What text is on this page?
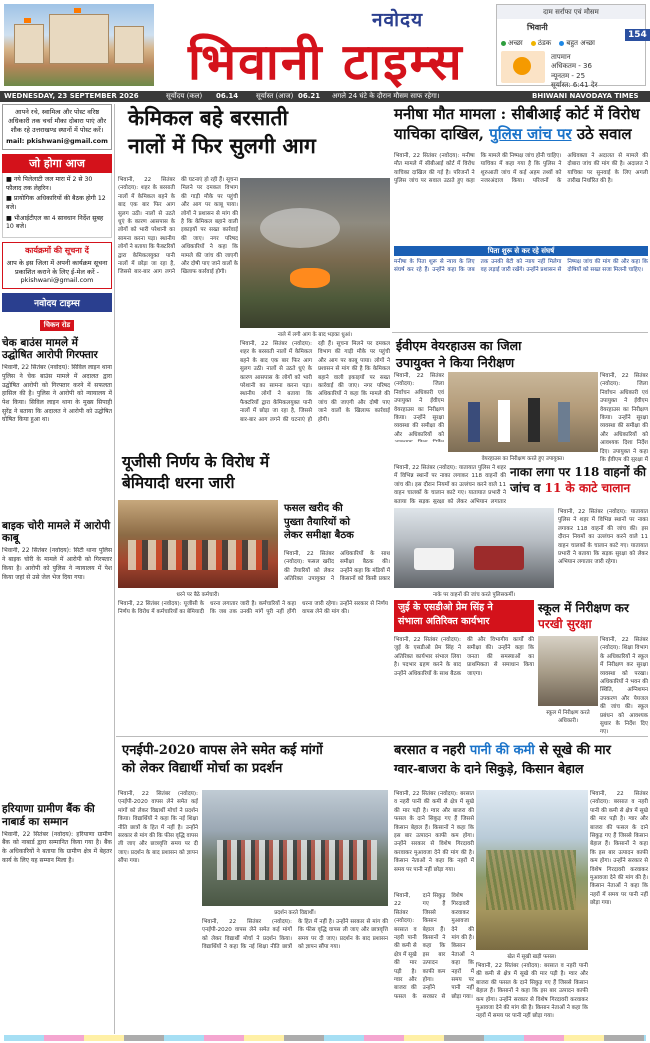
नवोदय
भिवानी टाइम्स
दाम सर्राफा एवं मौसम
भिवानी
154
अच्छा ठंडक बहुत अच्छा
तापमान
अधिकतम - 36
न्यूनतम - 25
सूर्यास्त: 6:41 देर
WEDNESDAY, 23 SEPTEMBER 2026	सूर्योदय (कल) 06.14	सूर्यास्त (आज) 06.21 अगले 24 घंटे के दौरान मौसम साफ रहेगा।	BHIWANI NAVODAYA TIMES
आपने रचे, स्वामित्व और पोस्ट वरिष्ठ अधिकारी तक चर्चा मौका दोबारा पाएं और शौक रहे उत्तराखण्ड स्थानों में पोस्ट करें।
mail: pkishwani@gmail.com
जो होगा आज
■ नये पिलेलाटी जल मारा में 2 से 30 फौलाद तक लेहरिन।
■ प्रायोगिक अधिकारियों की बैठक होगी 12 बजे।
■ भीआईटीएल का 4 सावधान निर्देश सुबह 10 बजे।
कार्यक्रमों की सूचना दें
आप के इस जिला में अपनी कार्यक्रम सूचना प्रकाशित कराने के लिए ई-मेल करें - pkishwani@gmail.com
नवोदय टाइम्स
चिकन रोड
चेक बाउंस मामले में उद्घोषित आरोपी गिरफ्तार
भिवानी, 22 सितंबर (नवोदय): सिविल लाइन थाना पुलिस ने चेक बाउंस मामले में अदालत द्वारा उद्घोषित आरोपी को गिरफ्तार करने में सफलता हासिल की है। पुलिस ने आरोपी को न्यायालय में पेश किया। सिविल लाइन थाना के मुख्य सिपाही सुरेंद्र ने बताया कि अदालत ने आरोपी को उद्घोषित घोषित किया हुआ था।
बाइक चोरी मामले में आरोपी काबू
भिवानी, 22 सितंबर (नवोदय): सिटी थाना पुलिस ने बाइक चोरी के मामले में आरोपी को गिरफ्तार किया है। आरोपी को पुलिस ने न्यायालय में पेश किया जहां से उसे जेल भेज दिया गया।
हरियाणा ग्रामीण बैंक की नाबार्ड का सम्मान
भिवानी, 22 सितंबर (नवोदय): हरियाणा ग्रामीण बैंक को नाबार्ड द्वारा सम्मानित किया गया है। बैंक के अधिकारियों ने बताया कि ग्रामीण क्षेत्र में बेहतर कार्य के लिए यह सम्मान मिला है।
केमिकल बहे बरसाती
नालों में फिर सुलगी आग
भिवानी, 22 सितंबर (नवोदय): शहर के बरसाती नालों में केमिकल बहने के बाद एक बार फिर आग सुलग उठी। नालों से उठते धुएं के कारण आसपास के लोगों को भारी परेशानी का सामना करना पड़ा। स्थानीय लोगों ने बताया कि फैक्टरियों द्वारा केमिकलयुक्त पानी नालों में छोड़ा जा रहा है, जिससे बार-बार आग लगने की घटनाएं हो रही हैं। सूचना मिलने पर दमकल विभाग की गाड़ी मौके पर पहुंची और आग पर काबू पाया। लोगों ने प्रशासन से मांग की है कि केमिकल बहाने वाली इकाइयों पर सख्त कार्रवाई की जाए। नगर परिषद अधिकारियों ने कहा कि मामले की जांच की जाएगी और दोषी पाए जाने वालों के खिलाफ कार्रवाई होगी।
नाले में लगी आग के बाद भड़का धुआं।
भिवानी, 22 सितंबर (नवोदय): शहर के बरसाती नालों में केमिकल बहने के बाद एक बार फिर आग सुलग उठी। नालों से उठते धुएं के कारण आसपास के लोगों को भारी परेशानी का सामना करना पड़ा। स्थानीय लोगों ने बताया कि फैक्टरियों द्वारा केमिकलयुक्त पानी नालों में छोड़ा जा रहा है, जिससे बार-बार आग लगने की घटनाएं हो रही हैं। सूचना मिलने पर दमकल विभाग की गाड़ी मौके पर पहुंची और आग पर काबू पाया। लोगों ने प्रशासन से मांग की है कि केमिकल बहाने वाली इकाइयों पर सख्त कार्रवाई की जाए। नगर परिषद अधिकारियों ने कहा कि मामले की जांच की जाएगी और दोषी पाए जाने वालों के खिलाफ कार्रवाई होगी।
मनीषा मौत मामला : सीबीआई कोर्ट में विरोध
याचिका दाखिल, पुलिस जांच पर उठे सवाल
भिवानी, 22 सितंबर (नवोदय): मनीषा मौत मामले में सीबीआई कोर्ट में विरोध याचिका दाखिल की गई है। परिजनों ने पुलिस जांच पर सवाल उठाते हुए कहा कि मामले की निष्पक्ष जांच होनी चाहिए। याचिका में कहा गया है कि पुलिस ने शुरुआती जांच में कई अहम तथ्यों को नजरअंदाज किया। परिजनों के अधिवक्ता ने अदालत से मामले की दोबारा जांच की मांग की है। अदालत ने याचिका पर सुनवाई के लिए अगली तारीख निर्धारित की है।
पिता शुरू से कर रहे संघर्ष
मनीषा के पिता शुरू से न्याय के लिए संघर्ष कर रहे हैं। उन्होंने कहा कि जब तक उनकी बेटी को न्याय नहीं मिलेगा वह लड़ाई जारी रखेंगे। उन्होंने प्रशासन से निष्पक्ष जांच की मांग की और कहा कि दोषियों को सख्त सजा मिलनी चाहिए।
ईवीएम वेयरहाउस का जिला
उपायुक्त ने किया निरीक्षण
भिवानी, 22 सितंबर (नवोदय): जिला निर्वाचन अधिकारी एवं उपायुक्त ने ईवीएम वेयरहाउस का निरीक्षण किया। उन्होंने सुरक्षा व्यवस्था की समीक्षा की और अधिकारियों को
वेयरहाउस का निरीक्षण करते हुए उपायुक्त।
भिवानी, 22 सितंबर (नवोदय): जिला निर्वाचन अधिकारी एवं उपायुक्त ने ईवीएम वेयरहाउस का निरीक्षण किया। उन्होंने सुरक्षा व्यवस्था की समीक्षा की और अधिकारियों को आवश्यक दिशा निर्देश दिए। उपायुक्त ने कहा कि ईवीएम की सुरक्षा में
नाका लगा पर 118 वाहनों की
जांच व 11 के काटे चालान
भिवानी, 22 सितंबर (नवोदय): यातायात पुलिस ने शहर में विभिन्न स्थानों पर नाका लगाकर 118 वाहनों की जांच की। इस दौरान नियमों का उल्लंघन करने वाले 11 वाहन चालकों के चालान काटे गए। यातायात प्रभारी ने बताया कि सड़क सुरक्षा को लेकर अभियान लगातार
नाके पर वाहनों की जांच करते पुलिसकर्मी।
भिवानी, 22 सितंबर (नवोदय): यातायात पुलिस ने शहर में विभिन्न स्थानों पर नाका लगाकर 118 वाहनों की जांच की। इस दौरान नियमों का उल्लंघन करने वाले 11 वाहन चालकों के चालान काटे गए। यातायात प्रभारी ने बताया कि सड़क सुरक्षा को लेकर अभियान लगातार जारी रहेगा।
यूजीसी निर्णय के विरोध में
बेमियादी धरना जारी
धरने पर बैठे कर्मचारी।
भिवानी, 22 सितंबर (नवोदय): यूजीसी के निर्णय के विरोध में कर्मचारियों का बेमियादी धरना लगातार जारी है। कर्मचारियों ने कहा कि जब तक उनकी मांगें पूरी नहीं होंगी धरना जारी रहेगा। उन्होंने सरकार से निर्णय वापस लेने की मांग की।
फसल खरीद की
पुख्ता तैयारियों को
लेकर समीक्षा बैठक
भिवानी, 22 सितंबर (नवोदय): फसल खरीद की तैयारियों को लेकर अतिरिक्त उपायुक्त ने अधिकारियों के साथ समीक्षा बैठक की। उन्होंने कहा कि मंडियों में किसानों को किसी प्रकार
जुई के एसडीओ प्रेम सिंह ने
संभाला अतिरिक्त कार्यभार
भिवानी, 22 सितंबर (नवोदय): जुई के एसडीओ प्रेम सिंह ने अतिरिक्त कार्यभार संभाल लिया है। पदभार ग्रहण करने के बाद उन्होंने अधिकारियों के साथ बैठक की और विभागीय कार्यों की समीक्षा की। उन्होंने कहा कि जनता की समस्याओं का प्राथमिकता से समाधान किया जाएगा।
स्कूल में निरीक्षण कर परखी सुरक्षा
स्कूल में निरीक्षण करते अधिकारी।
भिवानी, 22 सितंबर (नवोदय): शिक्षा विभाग के अधिकारियों ने स्कूल में निरीक्षण कर सुरक्षा व्यवस्था को परखा। अधिकारियों ने भवन की स्थिति, अग्निशमन उपकरण और पेयजल की जांच की। स्कूल प्रबंधन को आवश्यक सुधार के निर्देश दिए गए।
एनईपी-2020 वापस लेने समेत कई मांगों
को लेकर विद्यार्थी मोर्चा का प्रदर्शन
भिवानी, 22 सितंबर (नवोदय): एनईपी-2020 वापस लेने समेत कई मांगों को लेकर विद्यार्थी मोर्चा ने प्रदर्शन किया। विद्यार्थियों ने कहा कि नई शिक्षा नीति छात्रों के हित में नहीं है। उन्होंने सरकार से मांग की कि फीस वृद्धि वापस ली जाए और छात्रवृत्ति समय पर दी जाए। प्रदर्शन के बाद प्रशासन को ज्ञापन सौंपा गया।
प्रदर्शन करते विद्यार्थी।
भिवानी, 22 सितंबर (नवोदय): एनईपी-2020 वापस लेने समेत कई मांगों को लेकर विद्यार्थी मोर्चा ने प्रदर्शन किया। विद्यार्थियों ने कहा कि नई शिक्षा नीति छात्रों के हित में नहीं है। उन्होंने सरकार से मांग की कि फीस वृद्धि वापस ली जाए और छात्रवृत्ति समय पर दी जाए। प्रदर्शन के बाद प्रशासन को ज्ञापन सौंपा गया।
बरसात व नहरी पानी की कमी से सूखे की मार
ग्वार-बाजरा के दाने सिकुड़े, किसान बेहाल
भिवानी, 22 सितंबर (नवोदय): बरसात व नहरी पानी की कमी से क्षेत्र में सूखे की मार पड़ी है। ग्वार और बाजरा की फसल के दाने सिकुड़ गए हैं जिससे किसान बेहाल हैं। किसानों ने कहा कि इस बार उत्पादन काफी कम होगा। उन्होंने सरकार से विशेष गिरदावरी करवाकर मुआवजा देने की मांग की है। किसान नेताओं ने कहा कि नहरों में समय पर पानी नहीं छोड़ा गया।
खेत में सूखी खड़ी फसल।
भिवानी, 22 सितंबर (नवोदय): बरसात व नहरी पानी की कमी से क्षेत्र में सूखे की मार पड़ी है। ग्वार और बाजरा की फसल के दाने सिकुड़ गए हैं जिससे किसान बेहाल हैं। किसानों ने कहा कि इस बार उत्पादन काफी कम होगा। उन्होंने सरकार से विशेष गिरदावरी करवाकर मुआवजा देने की मांग की है। किसान नेताओं ने कहा कि नहरों में समय पर पानी नहीं छोड़ा गया।
भिवानी, 22 सितंबर (नवोदय): बरसात व नहरी पानी की कमी से क्षेत्र में सूखे की मार पड़ी है। ग्वार और बाजरा की फसल के दाने सिकुड़ गए हैं जिससे किसान बेहाल हैं। किसानों ने कहा कि इस बार उत्पादन काफी कम होगा। उन्होंने सरकार से विशेष गिरदावरी करवाकर मुआवजा देने की मांग की है। किसान नेताओं ने कहा कि नहरों में समय पर पानी नहीं छोड़ा गया।
भिवानी, 22 सितंबर (नवोदय): बरसात व नहरी पानी की कमी से क्षेत्र में सूखे की मार पड़ी है। ग्वार और बाजरा की फसल के दाने सिकुड़ गए हैं जिससे किसान बेहाल हैं। किसानों ने कहा कि इस बार उत्पादन काफी कम होगा। उन्होंने सरकार से विशेष गिरदावरी करवाकर मुआवजा देने की मांग की है। किसान नेताओं ने कहा कि नहरों में समय पर पानी नहीं छोड़ा गया।
